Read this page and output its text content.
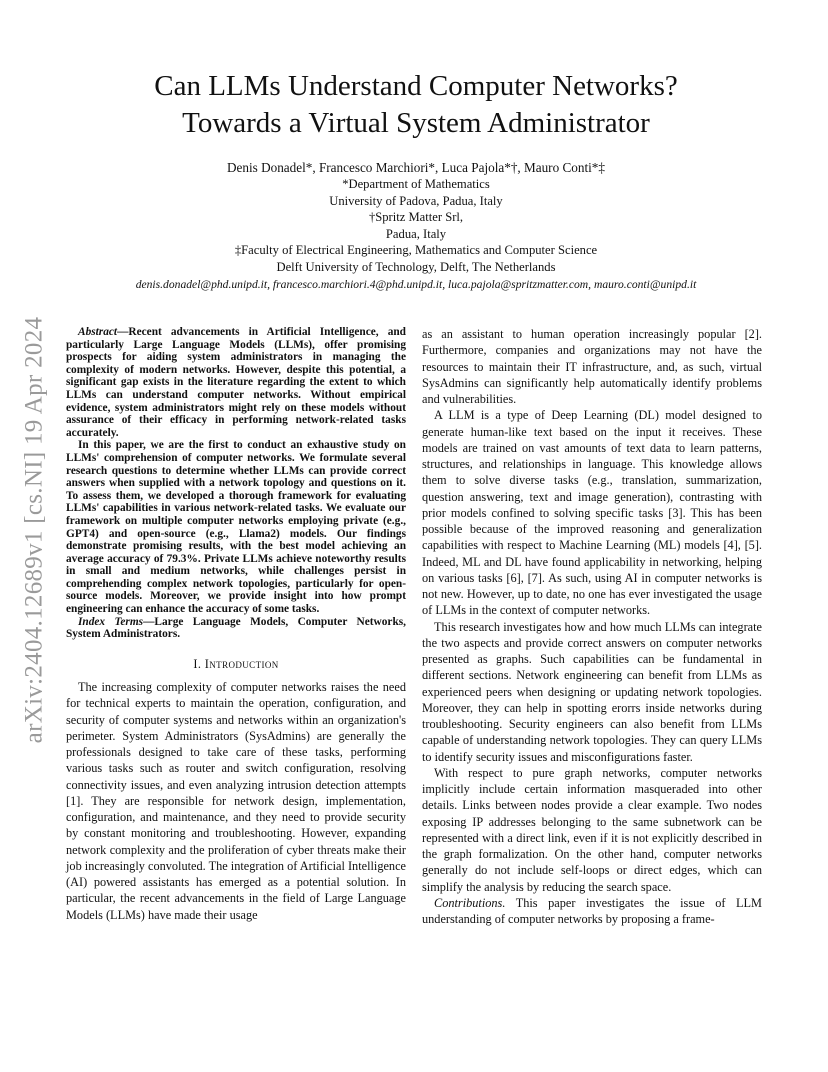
arXiv:2404.12689v1 [cs.NI] 19 Apr 2024
Can LLMs Understand Computer Networks?
Towards a Virtual System Administrator
Denis Donadel*, Francesco Marchiori*, Luca Pajola*†, Mauro Conti*‡
*Department of Mathematics
University of Padova, Padua, Italy
†Spritz Matter Srl,
Padua, Italy
‡Faculty of Electrical Engineering, Mathematics and Computer Science
Delft University of Technology, Delft, The Netherlands
denis.donadel@phd.unipd.it, francesco.marchiori.4@phd.unipd.it, luca.pajola@spritzmatter.com, mauro.conti@unipd.it

Abstract—Recent advancements in Artificial Intelligence, and particularly Large Language Models (LLMs), offer promising prospects for aiding system administrators in managing the complexity of modern networks. However, despite this potential, a significant gap exists in the literature regarding the extent to which LLMs can understand computer networks. Without empirical evidence, system administrators might rely on these models without assurance of their efficacy in performing network-related tasks accurately.

In this paper, we are the first to conduct an exhaustive study on LLMs' comprehension of computer networks. We formulate several research questions to determine whether LLMs can provide correct answers when supplied with a network topology and questions on it. To assess them, we developed a thorough framework for evaluating LLMs' capabilities in various network-related tasks. We evaluate our framework on multiple computer networks employing private (e.g., GPT4) and open-source (e.g., Llama2) models. Our findings demonstrate promising results, with the best model achieving an average accuracy of 79.3%. Private LLMs achieve noteworthy results in small and medium networks, while challenges persist in comprehending complex network topologies, particularly for open-source models. Moreover, we provide insight into how prompt engineering can enhance the accuracy of some tasks.

Index Terms—Large Language Models, Computer Networks, System Administrators.

I. Introduction

The increasing complexity of computer networks raises the need for technical experts to maintain the operation, configuration, and security of computer systems and networks within an organization's perimeter. System Administrators (SysAdmins) are generally the professionals designed to take care of these tasks, performing various tasks such as router and switch configuration, resolving connectivity issues, and even analyzing intrusion detection attempts [1]. They are responsible for network design, implementation, configuration, and maintenance, and they need to provide security by constant monitoring and troubleshooting. However, expanding network complexity and the proliferation of cyber threats make their job increasingly convoluted. The integration of Artificial Intelligence (AI) powered assistants has emerged as a potential solution. In particular, the recent advancements in the field of Large Language Models (LLMs) have made their usage

as an assistant to human operation increasingly popular [2]. Furthermore, companies and organizations may not have the resources to maintain their IT infrastructure, and, as such, virtual SysAdmins can significantly help automatically identify problems and vulnerabilities.

A LLM is a type of Deep Learning (DL) model designed to generate human-like text based on the input it receives. These models are trained on vast amounts of text data to learn patterns, structures, and relationships in language. This knowledge allows them to solve diverse tasks (e.g., translation, summarization, question answering, text and image generation), contrasting with prior models confined to solving specific tasks [3]. This has been possible because of the improved reasoning and generalization capabilities with respect to Machine Learning (ML) models [4], [5]. Indeed, ML and DL have found applicability in networking, helping on various tasks [6], [7]. As such, using AI in computer networks is not new. However, up to date, no one has ever investigated the usage of LLMs in the context of computer networks.

This research investigates how and how much LLMs can integrate the two aspects and provide correct answers on computer networks presented as graphs. Such capabilities can be fundamental in different sections. Network engineering can benefit from LLMs as experienced peers when designing or updating network topologies. Moreover, they can help in spotting erorrs inside networks during troubleshooting. Security engineers can also benefit from LLMs capable of understanding network topologies. They can query LLMs to identify security issues and misconfigurations faster.

With respect to pure graph networks, computer networks implicitly include certain information masqueraded into other details. Links between nodes provide a clear example. Two nodes exposing IP addresses belonging to the same subnetwork can be represented with a direct link, even if it is not explicitly described in the graph formalization. On the other hand, computer networks generally do not include self-loops or direct edges, which can simplify the analysis by reducing the search space.

Contributions. This paper investigates the issue of LLM understanding of computer networks by proposing a frame-
